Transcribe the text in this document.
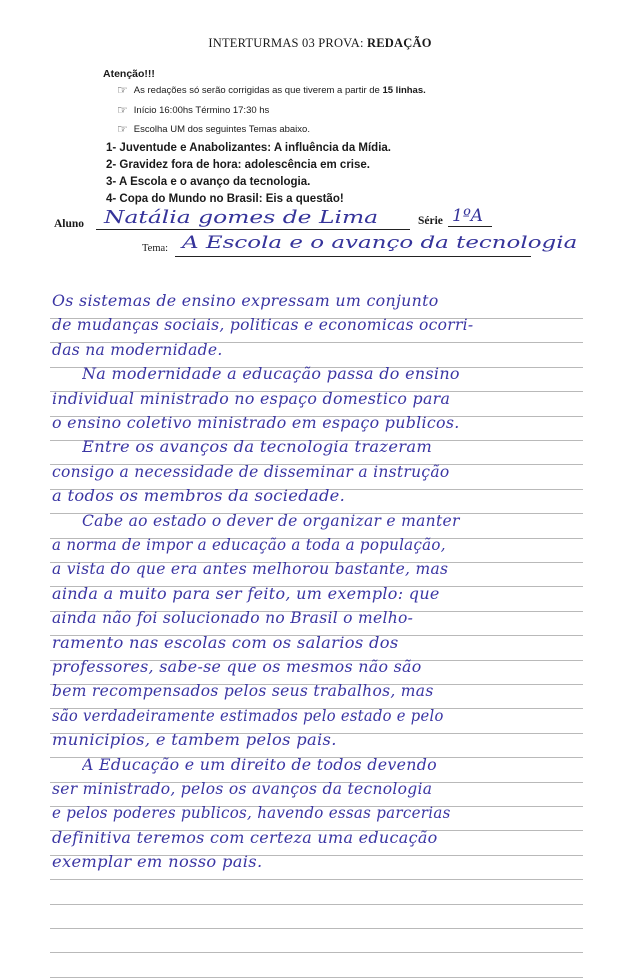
INTERTURMAS 03 PROVA: REDAÇÃO
Atenção!!!
☞ As redações só serão corrigidas as que tiverem a partir de 15 linhas.
☞ Início 16:00hs Término 17:30 hs
☞ Escolha UM dos seguintes Temas abaixo.
1- Juventude e Anabolizantes: A influência da Mídia.
2- Gravidez fora de hora: adolescência em crise.
3- A Escola e o avanço da tecnologia.
4- Copa do Mundo no Brasil: Eis a questão!
Aluno Natália gomes de Lima	Série 1ºA
Tema: A Escola e o avanço da tecnologia
Os sistemas de ensino expressam um conjunto
de mudanças sociais, politicas e economicas ocorri-
das na modernidade.
Na modernidade a educação passa do ensino
individual ministrado no espaço domestico para
o ensino coletivo ministrado em espaço publicos.
Entre os avanços da tecnologia trazeram
consigo a necessidade de disseminar a instrução
a todos os membros da sociedade.
Cabe ao estado o dever de organizar e manter
a norma de impor a educação a toda a população,
a vista do que era antes melhorou bastante, mas
ainda a muito para ser feito, um exemplo: que
ainda não foi solucionado no Brasil o melho-
ramento nas escolas com os salarios dos
professores, sabe-se que os mesmos não são
bem recompensados pelos seus trabalhos, mas
são verdadeiramente estimados pelo estado e pelo
municipios, e tambem pelos pais.
A Educação e um direito de todos devendo
ser ministrado, pelos os avanços da tecnologia
e pelos poderes publicos, havendo essas parcerias
definitiva teremos com certeza uma educação
exemplar em nosso pais.
